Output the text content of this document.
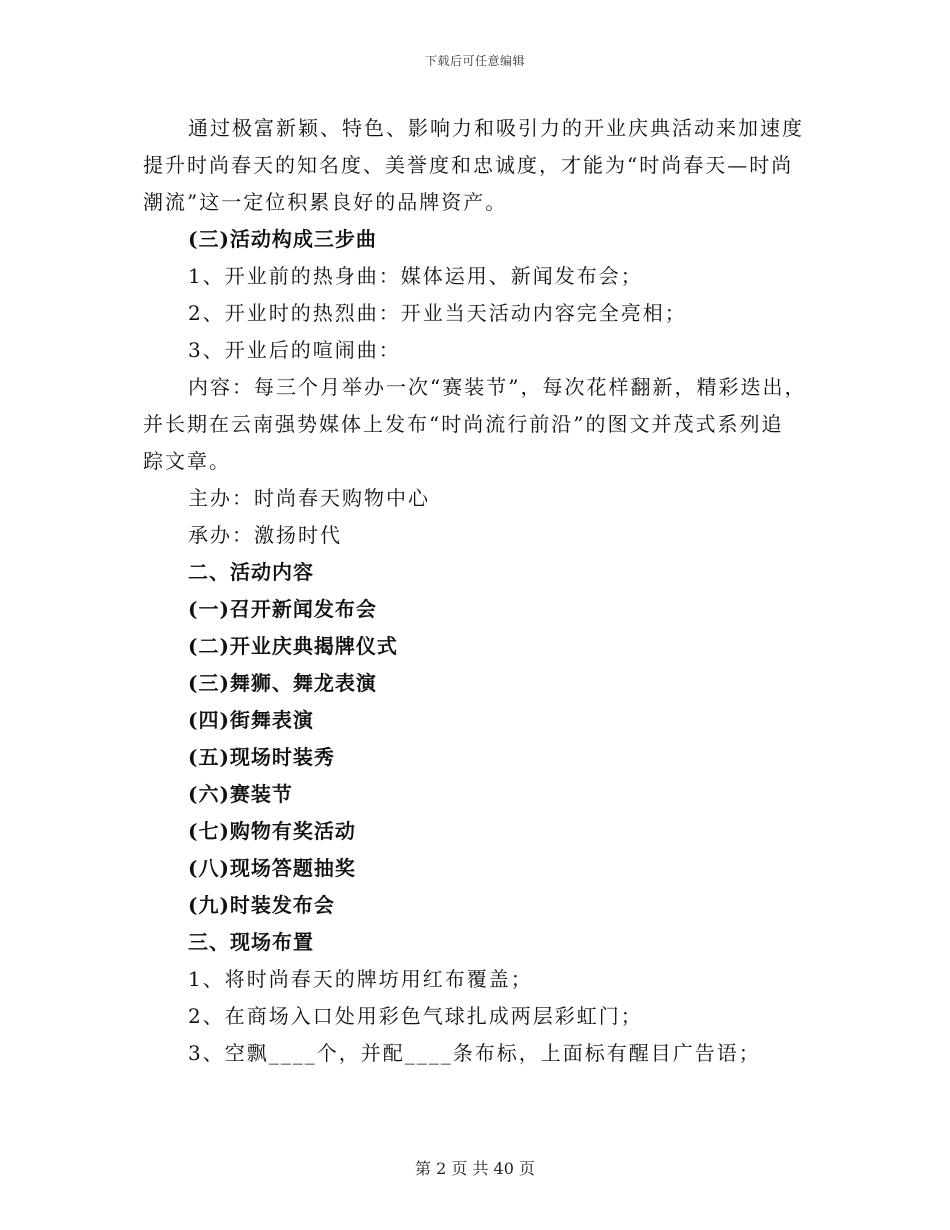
下载后可任意编辑
通过极富新颖、特色、影响力和吸引力的开业庆典活动来加速度
提升时尚春天的知名度、美誉度和忠诚度，才能为“时尚春天—时尚
潮流”这一定位积累良好的品牌资产。
(三)活动构成三步曲
1、开业前的热身曲：媒体运用、新闻发布会；
2、开业时的热烈曲：开业当天活动内容完全亮相；
3、开业后的喧闹曲：
内容：每三个月举办一次“赛装节”，每次花样翻新，精彩迭出，
并长期在云南强势媒体上发布“时尚流行前沿”的图文并茂式系列追
踪文章。
主办：时尚春天购物中心
承办：激扬时代
二、活动内容
(一)召开新闻发布会
(二)开业庆典揭牌仪式
(三)舞狮、舞龙表演
(四)街舞表演
(五)现场时装秀
(六)赛装节
(七)购物有奖活动
(八)现场答题抽奖
(九)时装发布会
三、现场布置
1、将时尚春天的牌坊用红布覆盖；
2、在商场入口处用彩色气球扎成两层彩虹门；
3、空飘____个，并配____条布标，上面标有醒目广告语；
第 2 页 共 40 页
